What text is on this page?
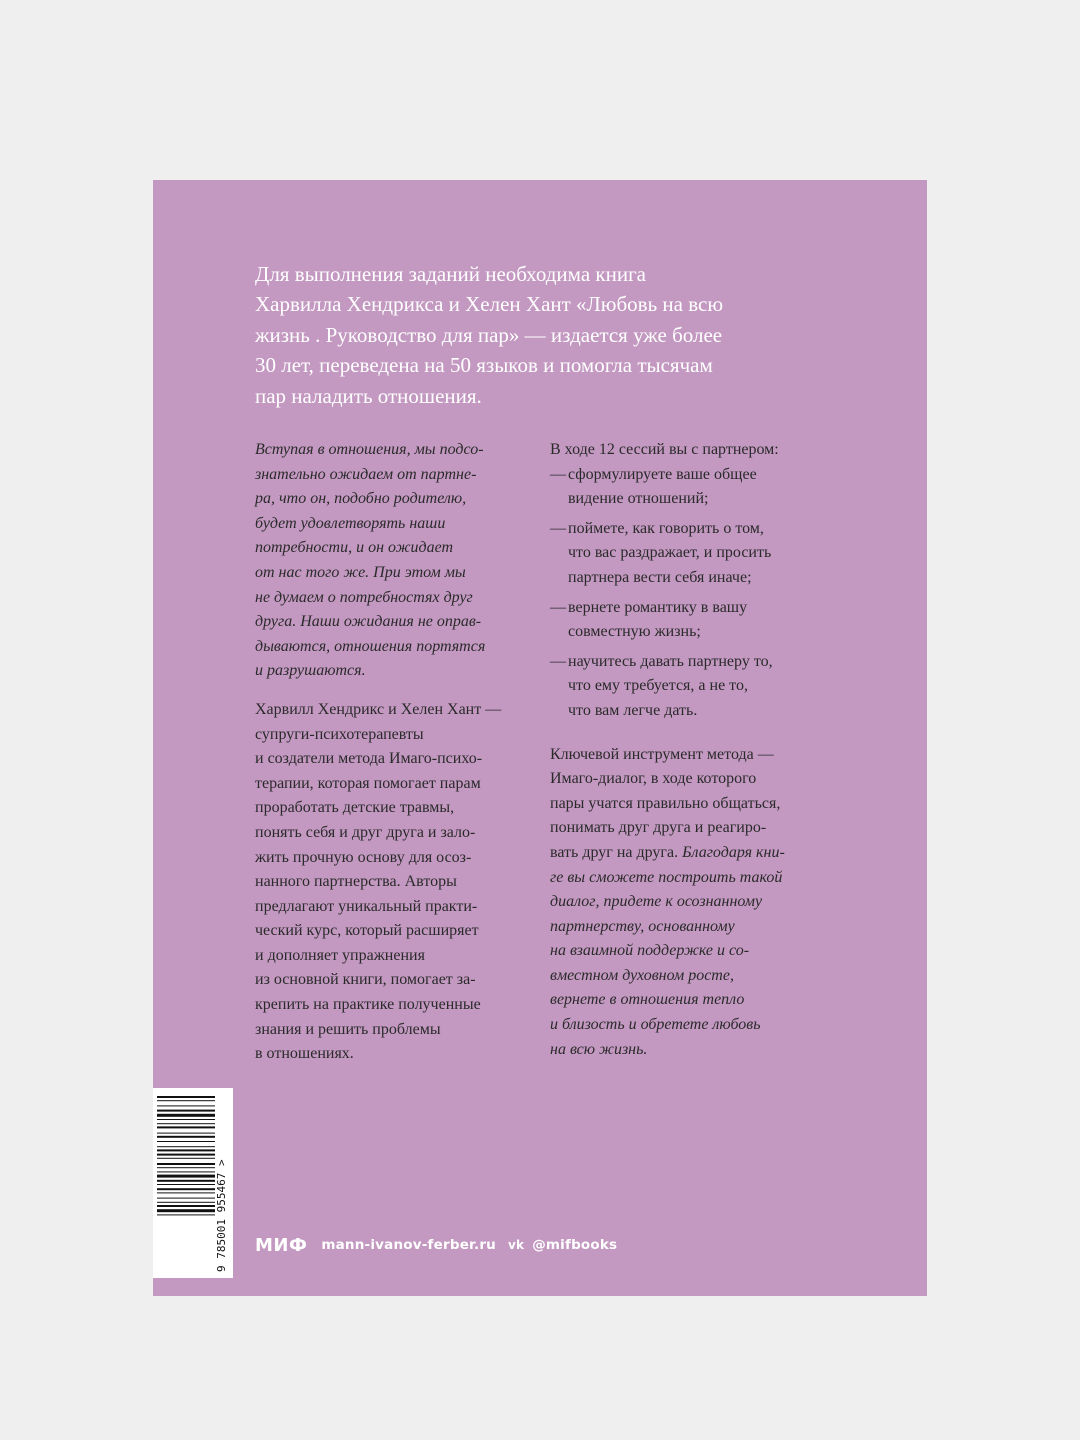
Для выполнения заданий необходима книга

Харвилла Хендрикса и Хелен Хант «Любовь на всю

жизнь . Руководство для пар» — издается уже более

30 лет, переведена на 50 языков и помогла тысячам

пар наладить отношения.

Вступая в отношения, мы подсо-

знательно ожидаем от партне-

ра, что он, подобно родителю,

будет удовлетворять наши

потребности, и он ожидает

от нас того же. При этом мы

не думаем о потребностях друг

друга. Наши ожидания не оправ-

дываются, отношения портятся

и разрушаются.

Харвилл Хендрикс и Хелен Хант —

супруги-психотерапевты

и создатели метода Имаго-психо-

терапии, которая помогает парам

проработать детские травмы,

понять себя и друг друга и зало-

жить прочную основу для осоз-

нанного партнерства. Авторы

предлагают уникальный практи-

ческий курс, который расширяет

и дополняет упражнения

из основной книги, помогает за-

крепить на практике полученные

знания и решить проблемы

в отношениях.

В ходе 12 сессий вы с партнером:

— сформулируете ваше общее

видение отношений;

— поймете, как говорить о том,

что вас раздражает, и просить

партнера вести себя иначе;

— вернете романтику в вашу

совместную жизнь;

— научитесь давать партнеру то,

что ему требуется, а не то,

что вам легче дать.

Ключевой инструмент метода —

Имаго-диалог, в ходе которого

пары учатся правильно общаться,

понимать друг друга и реагиро-

вать друг на друга. Благодаря кни-

ге вы сможете построить такой

диалог, придете к осознанному

партнерству, основанному

на взаимной поддержке и со-

вместном духовном росте,

вернете в отношения тепло

и близость и обретете любовь

на всю жизнь.

9 785001 955467 > МИФ mann-ivanov-ferber.ru vk @mifbooks
